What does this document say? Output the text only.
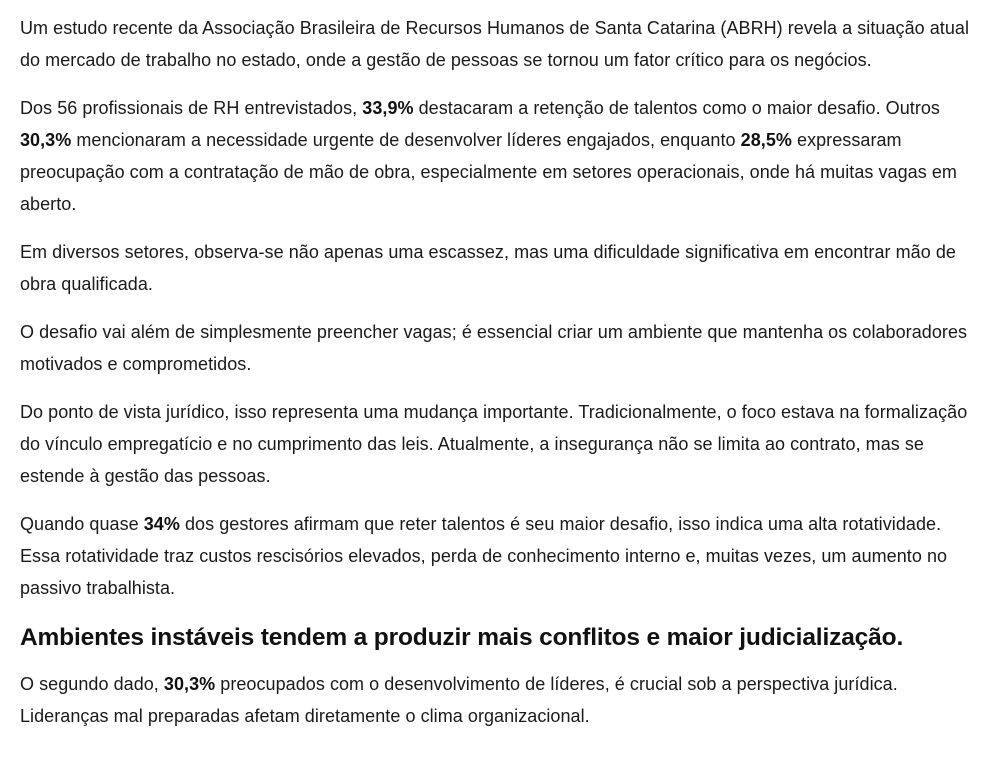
Um estudo recente da Associação Brasileira de Recursos Humanos de Santa Catarina (ABRH) revela a situação atual do mercado de trabalho no estado, onde a gestão de pessoas se tornou um fator crítico para os negócios.

Dos 56 profissionais de RH entrevistados, 33,9% destacaram a retenção de talentos como o maior desafio. Outros 30,3% mencionaram a necessidade urgente de desenvolver líderes engajados, enquanto 28,5% expressaram preocupação com a contratação de mão de obra, especialmente em setores operacionais, onde há muitas vagas em aberto.

Em diversos setores, observa-se não apenas uma escassez, mas uma dificuldade significativa em encontrar mão de obra qualificada.

O desafio vai além de simplesmente preencher vagas; é essencial criar um ambiente que mantenha os colaboradores motivados e comprometidos.

Do ponto de vista jurídico, isso representa uma mudança importante. Tradicionalmente, o foco estava na formalização do vínculo empregatício e no cumprimento das leis. Atualmente, a insegurança não se limita ao contrato, mas se estende à gestão das pessoas.

Quando quase 34% dos gestores afirmam que reter talentos é seu maior desafio, isso indica uma alta rotatividade. Essa rotatividade traz custos rescisórios elevados, perda de conhecimento interno e, muitas vezes, um aumento no passivo trabalhista.

Ambientes instáveis tendem a produzir mais conflitos e maior judicialização.

O segundo dado, 30,3% preocupados com o desenvolvimento de líderes, é crucial sob a perspectiva jurídica. Lideranças mal preparadas afetam diretamente o clima organizacional.
